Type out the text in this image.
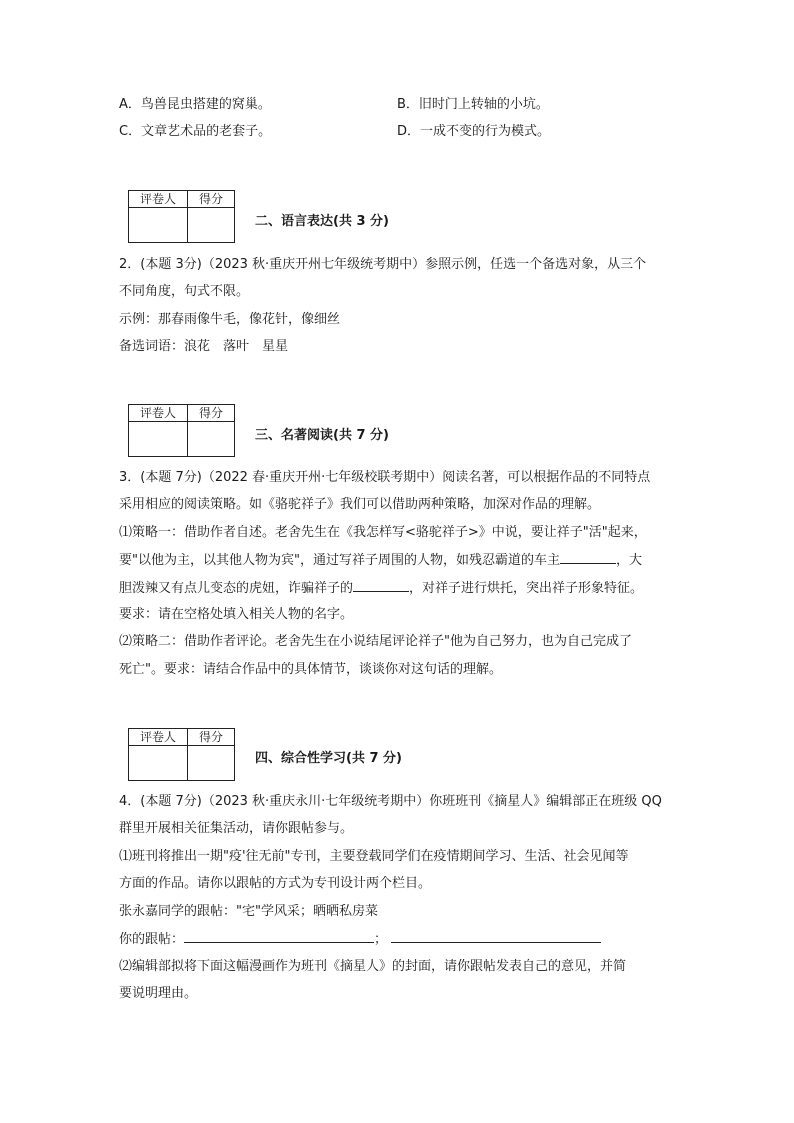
A．鸟兽昆虫搭建的窝巢。	B．旧时门上转轴的小坑。
C．文章艺术品的老套子。	D．一成不变的行为模式。
评卷人	得分

二、语言表达(共 3 分)
2．(本题 3分)（2023 秋·重庆开州七年级统考期中）参照示例，任选一个备选对象，从三个
不同角度，句式不限。
示例：那春雨像牛毛，像花针，像细丝
备选词语：浪花　落叶　星星
评卷人	得分

三、名著阅读(共 7 分)
3．(本题 7分)（2022 春·重庆开州·七年级校联考期中）阅读名著，可以根据作品的不同特点
采用相应的阅读策略。如《骆驼祥子》我们可以借助两种策略，加深对作品的理解。
⑴策略一：借助作者自述。老舍先生在《我怎样写<骆驼祥子>》中说，要让祥子"活"起来，
要"以他为主，以其他人物为宾"，通过写祥子周围的人物，如残忍霸道的车主	，大
胆泼辣又有点儿变态的虎妞，诈骗祥子的	，对祥子进行烘托，突出祥子形象特征。
要求：请在空格处填入相关人物的名字。
⑵策略二：借助作者评论。老舍先生在小说结尾评论祥子"他为自己努力，也为自己完成了
死亡"。要求：请结合作品中的具体情节，谈谈你对这句话的理解。
评卷人	得分

四、综合性学习(共 7 分)
4．(本题 7分)（2023 秋·重庆永川·七年级统考期中）你班班刊《摘星人》编辑部正在班级 QQ
群里开展相关征集活动，请你跟帖参与。
⑴班刊将推出一期"疫'往无前"专刊，主要登载同学们在疫情期间学习、生活、社会见闻等
方面的作品。请你以跟帖的方式为专刊设计两个栏目。
张永嘉同学的跟帖："宅"学风采；晒晒私房菜
你的跟帖：	；
⑵编辑部拟将下面这幅漫画作为班刊《摘星人》的封面，请你跟帖发表自己的意见，并简
要说明理由。
